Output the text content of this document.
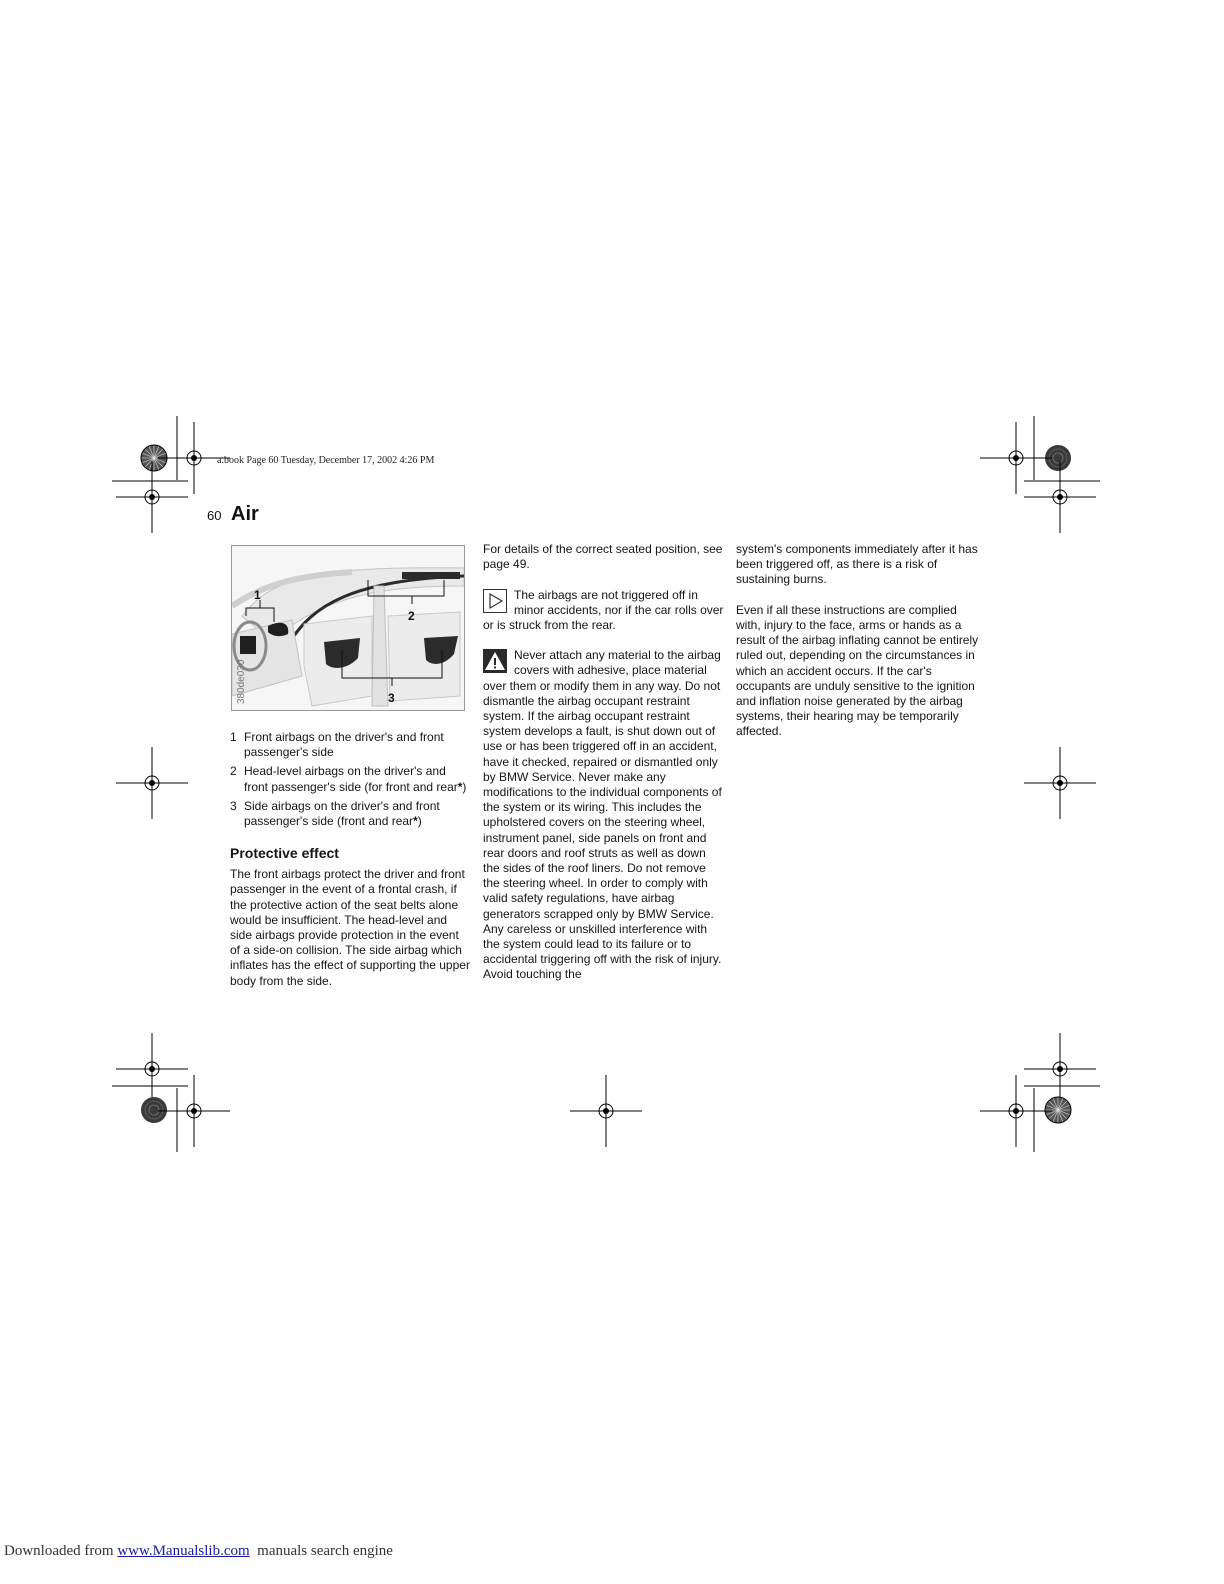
a.book Page 60 Tuesday, December 17, 2002 4:26 PM
60 Air
1
2
3
380de030
1 Front airbags on the driver's and front passenger's side
2 Head-level airbags on the driver's and front passenger's side (for front and rear*)
3 Side airbags on the driver's and front passenger's side (front and rear*)
Protective effect

The front airbags protect the driver and front passenger in the event of a frontal crash, if the protective action of the seat belts alone would be insufficient. The head-level and side airbags provide protection in the event of a side-on collision. The side airbag which inflates has the effect of supporting the upper body from the side.

For details of the correct seated position, see page 49.

The airbags are not triggered off in minor accidents, nor if the car rolls over or is struck from the rear.
Never attach any material to the airbag covers with adhesive, place material over them or modify them in any way. Do not dismantle the airbag occupant restraint system. If the airbag occupant restraint system develops a fault, is shut down out of use or has been triggered off in an accident, have it checked, repaired or dismantled only by BMW Service. Never make any modifications to the individual components of the system or its wiring. This includes the upholstered covers on the steering wheel, instrument panel, side panels on front and rear doors and roof struts as well as down the sides of the roof liners. Do not remove the steering wheel. In order to comply with valid safety regulations, have airbag generators scrapped only by BMW Service. Any careless or unskilled interference with the system could lead to its failure or to accidental triggering off with the risk of injury. Avoid touching the

system's components immediately after it has been triggered off, as there is a risk of sustaining burns.

Even if all these instructions are complied with, injury to the face, arms or hands as a result of the airbag inflating cannot be entirely ruled out, depending on the circumstances in which an accident occurs. If the car's occupants are unduly sensitive to the ignition and inflation noise generated by the airbag systems, their hearing may be temporarily affected.

Downloaded from www.Manualslib.com  manuals search engine
